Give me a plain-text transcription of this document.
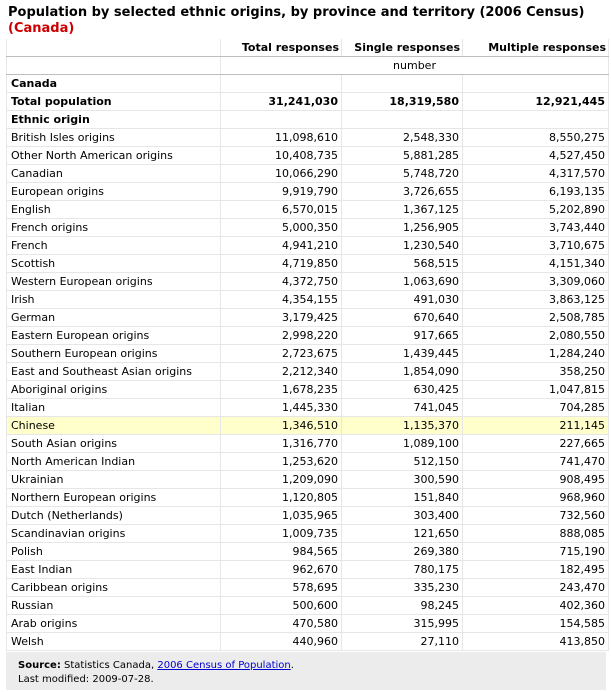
Population by selected ethnic origins, by province and territory (2006 Census)
(Canada)
	Total responses	Single responses	Multiple responses
	number		
Canada			
Total population	31,241,030	18,319,580	12,921,445
Ethnic origin			
British Isles origins	11,098,610	2,548,330	8,550,275
Other North American origins	10,408,735	5,881,285	4,527,450
Canadian	10,066,290	5,748,720	4,317,570
European origins	9,919,790	3,726,655	6,193,135
English	6,570,015	1,367,125	5,202,890
French origins	5,000,350	1,256,905	3,743,440
French	4,941,210	1,230,540	3,710,675
Scottish	4,719,850	568,515	4,151,340
Western European origins	4,372,750	1,063,690	3,309,060
Irish	4,354,155	491,030	3,863,125
German	3,179,425	670,640	2,508,785
Eastern European origins	2,998,220	917,665	2,080,550
Southern European origins	2,723,675	1,439,445	1,284,240
East and Southeast Asian origins	2,212,340	1,854,090	358,250
Aboriginal origins	1,678,235	630,425	1,047,815
Italian	1,445,330	741,045	704,285
Chinese	1,346,510	1,135,370	211,145
South Asian origins	1,316,770	1,089,100	227,665
North American Indian	1,253,620	512,150	741,470
Ukrainian	1,209,090	300,590	908,495
Northern European origins	1,120,805	151,840	968,960
Dutch (Netherlands)	1,035,965	303,400	732,560
Scandinavian origins	1,009,735	121,650	888,085
Polish	984,565	269,380	715,190
East Indian	962,670	780,175	182,495
Caribbean origins	578,695	335,230	243,470
Russian	500,600	98,245	402,360
Arab origins	470,580	315,995	154,585
Welsh	440,960	27,110	413,850
Source: Statistics Canada, 2006 Census of Population.
Last modified: 2009-07-28.
